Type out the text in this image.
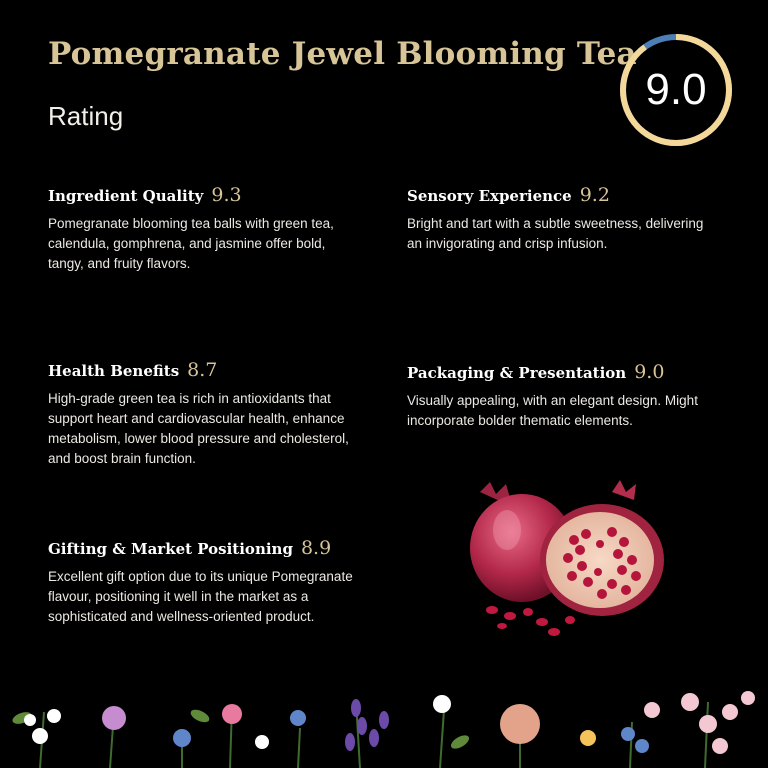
Pomegranate Jewel Blooming Tea
Rating
9.0
Ingredient Quality 9.3
Pomegranate blooming tea balls with green tea, calendula, gomphrena, and jasmine offer bold, tangy, and fruity flavors.
Sensory Experience 9.2
Bright and tart with a subtle sweetness, delivering an invigorating and crisp infusion.
Health Benefits 8.7
High-grade green tea is rich in antioxidants that support heart and cardiovascular health, enhance metabolism, lower blood pressure and cholesterol, and boost brain function.
Packaging & Presentation 9.0
Visually appealing, with an elegant design. Might incorporate bolder thematic elements.
Gifting & Market Positioning 8.9
Excellent gift option due to its unique Pomegranate flavour, positioning it well in the market as a sophisticated and wellness-oriented product.
